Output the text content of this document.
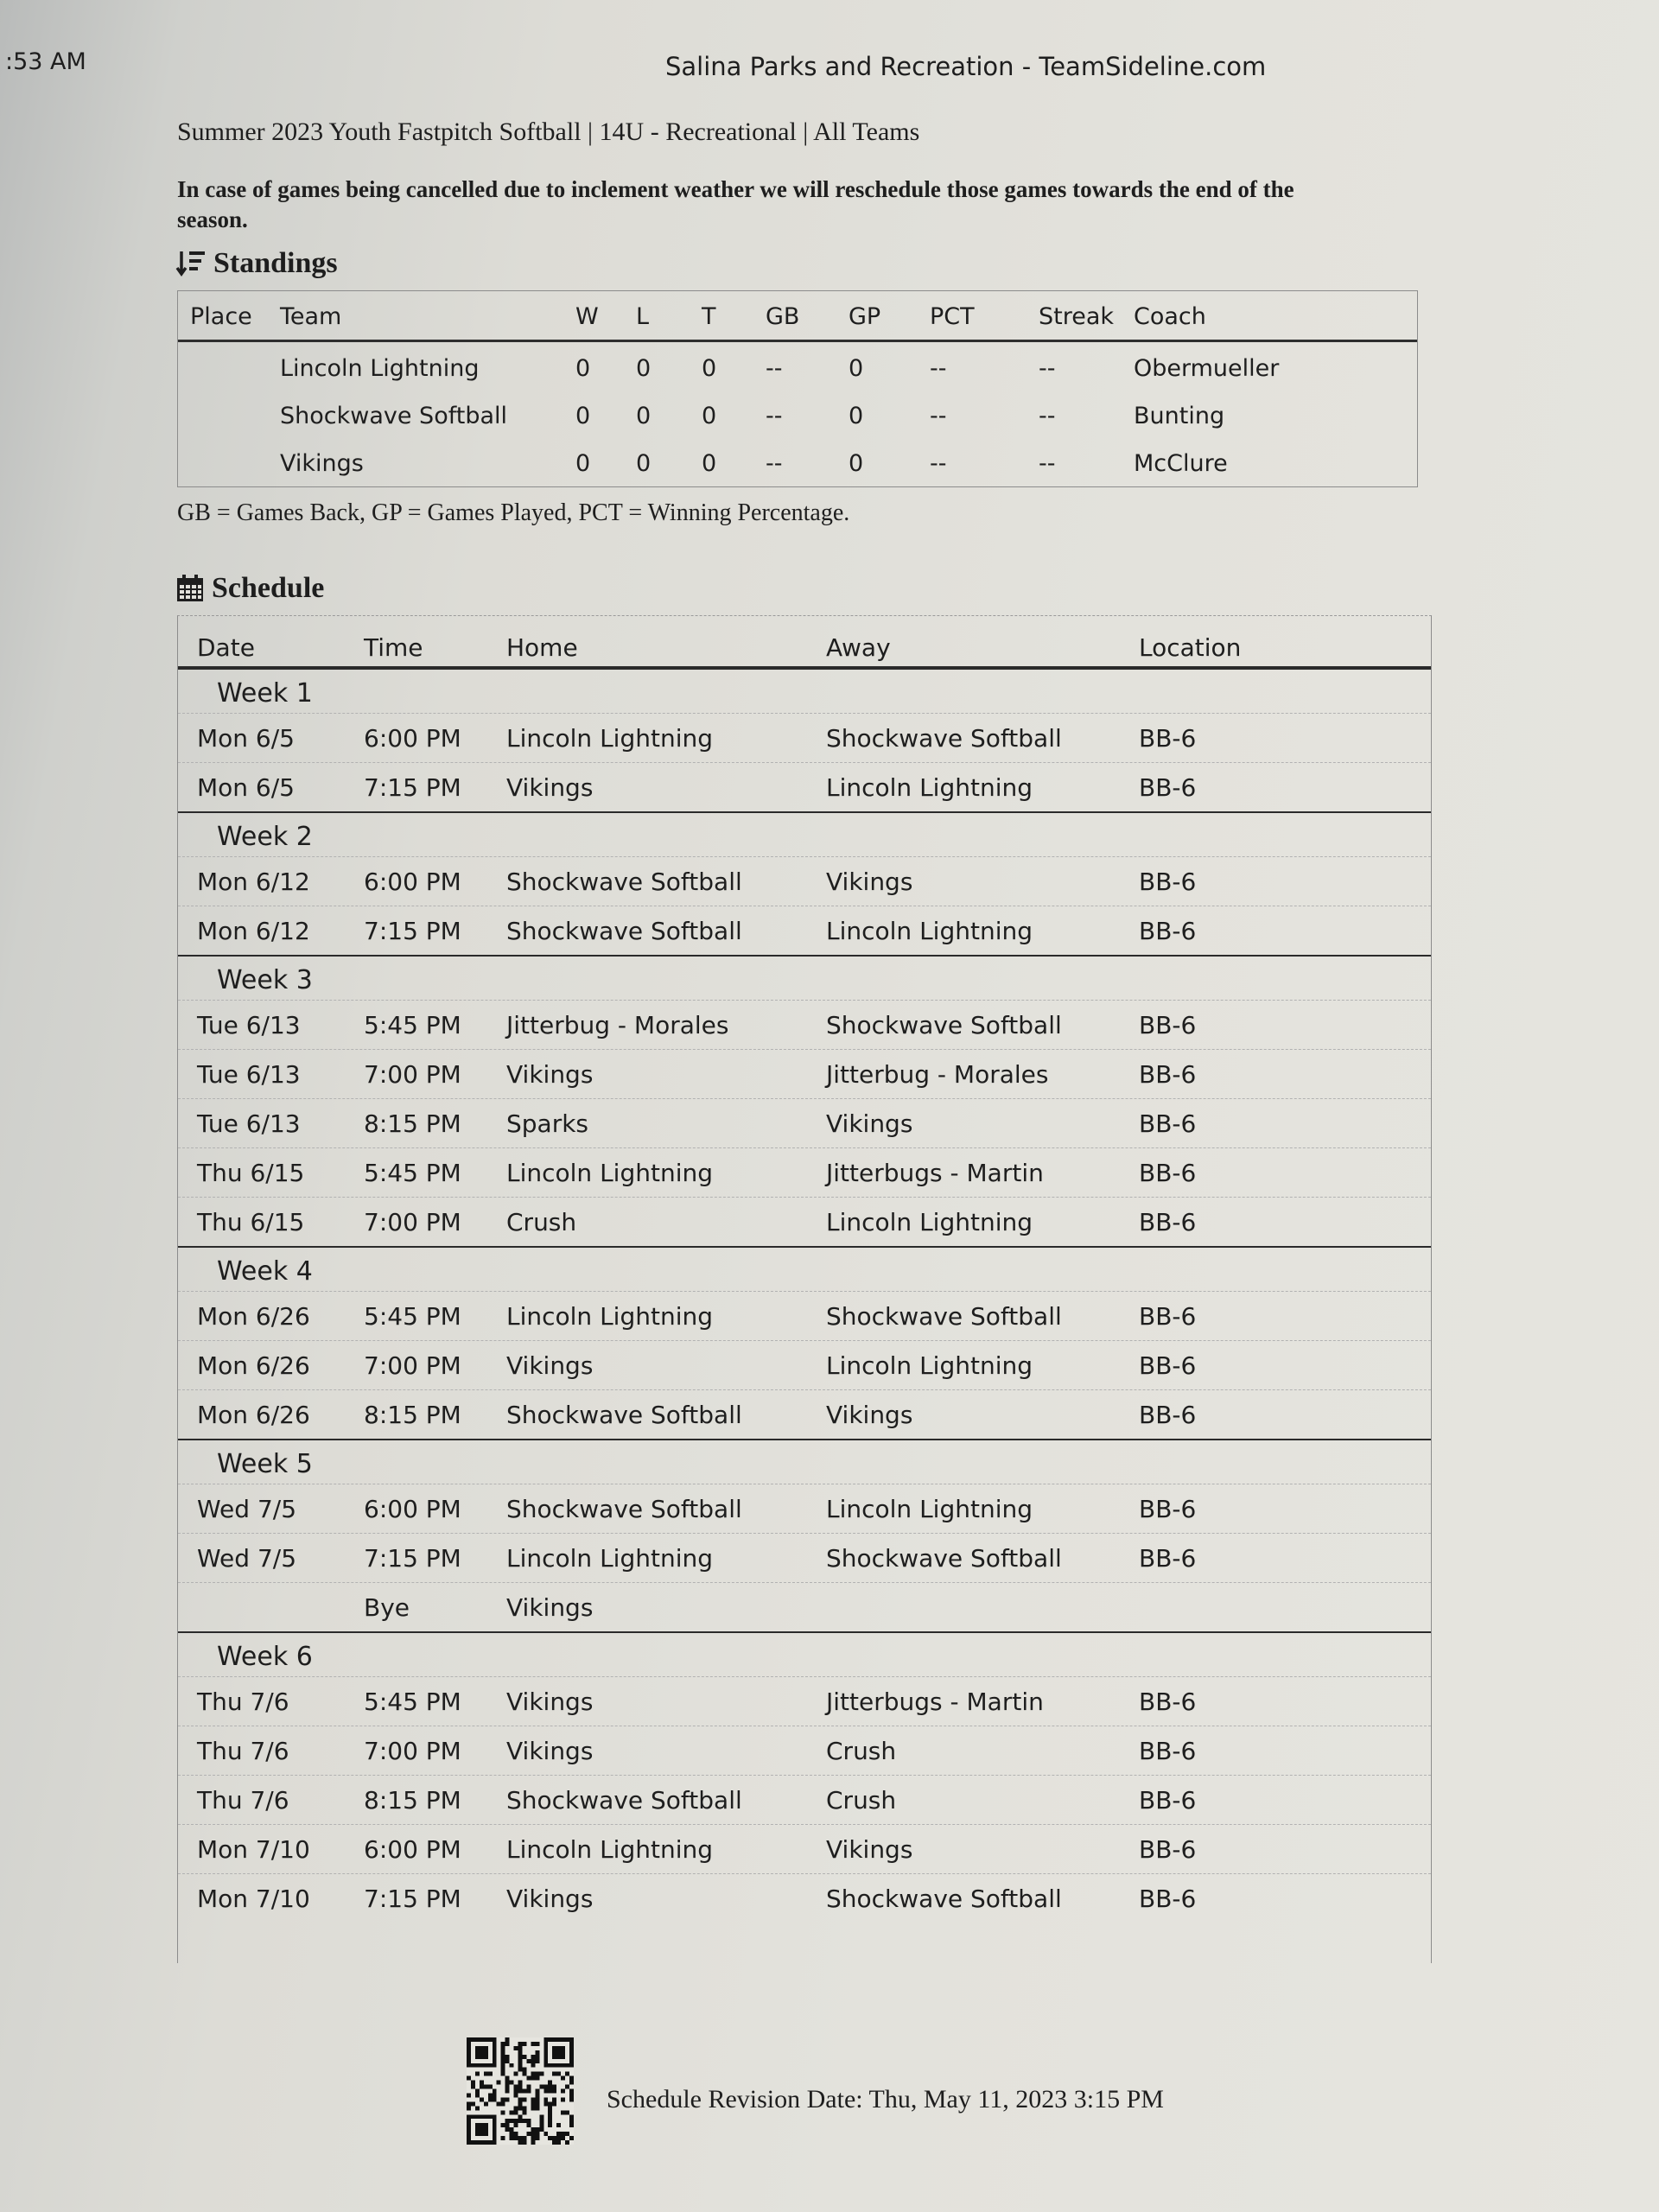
:53 AM	Salina Parks and Recreation - TeamSideline.com
Summer 2023 Youth Fastpitch Softball | 14U - Recreational | All Teams
In case of games being cancelled due to inclement weather we will reschedule those games towards the end of the season.
Standings
Place Team	W L T GB GP PCT	Streak Coach
Lincoln Lightning	0 0 0 --	0	--	--	Obermueller
Shockwave Softball	0 0 0 --	0	--	--	Bunting
Vikings	0 0 0 --	0	--	--	McClure
GB = Games Back, GP = Games Played, PCT = Winning Percentage.
Schedule
Date	Time	Home	Away	Location
Week 1
Mon 6/5	6:00 PM Lincoln Lightning	Shockwave Softball	BB-6
Mon 6/5	7:15 PM Vikings	Lincoln Lightning	BB-6
Week 2
Mon 6/12 6:00 PM Shockwave Softball	Vikings	BB-6
Mon 6/12 7:15 PM Shockwave Softball	Lincoln Lightning	BB-6
Week 3
Tue 6/13	5:45 PM Jitterbug - Morales	Shockwave Softball	BB-6
Tue 6/13	7:00 PM Vikings	Jitterbug - Morales	BB-6
Tue 6/13	8:15 PM Sparks	Vikings	BB-6
Thu 6/15 5:45 PM Lincoln Lightning	Jitterbugs - Martin	BB-6
Thu 6/15 7:00 PM Crush	Lincoln Lightning	BB-6
Week 4
Mon 6/26 5:45 PM Lincoln Lightning	Shockwave Softball	BB-6
Mon 6/26 7:00 PM Vikings	Lincoln Lightning	BB-6
Mon 6/26 8:15 PM Shockwave Softball	Vikings	BB-6
Week 5
Wed 7/5	6:00 PM Shockwave Softball	Lincoln Lightning	BB-6
Wed 7/5	7:15 PM Lincoln Lightning	Shockwave Softball	BB-6
Bye	Vikings
Week 6
Thu 7/6	5:45 PM Vikings	Jitterbugs - Martin	BB-6
Thu 7/6	7:00 PM Vikings	Crush	BB-6
Thu 7/6	8:15 PM Shockwave Softball	Crush	BB-6
Mon 7/10 6:00 PM Lincoln Lightning	Vikings	BB-6
Mon 7/10 7:15 PM Vikings	Shockwave Softball	BB-6
Schedule Revision Date: Thu, May 11, 2023 3:15 PM
